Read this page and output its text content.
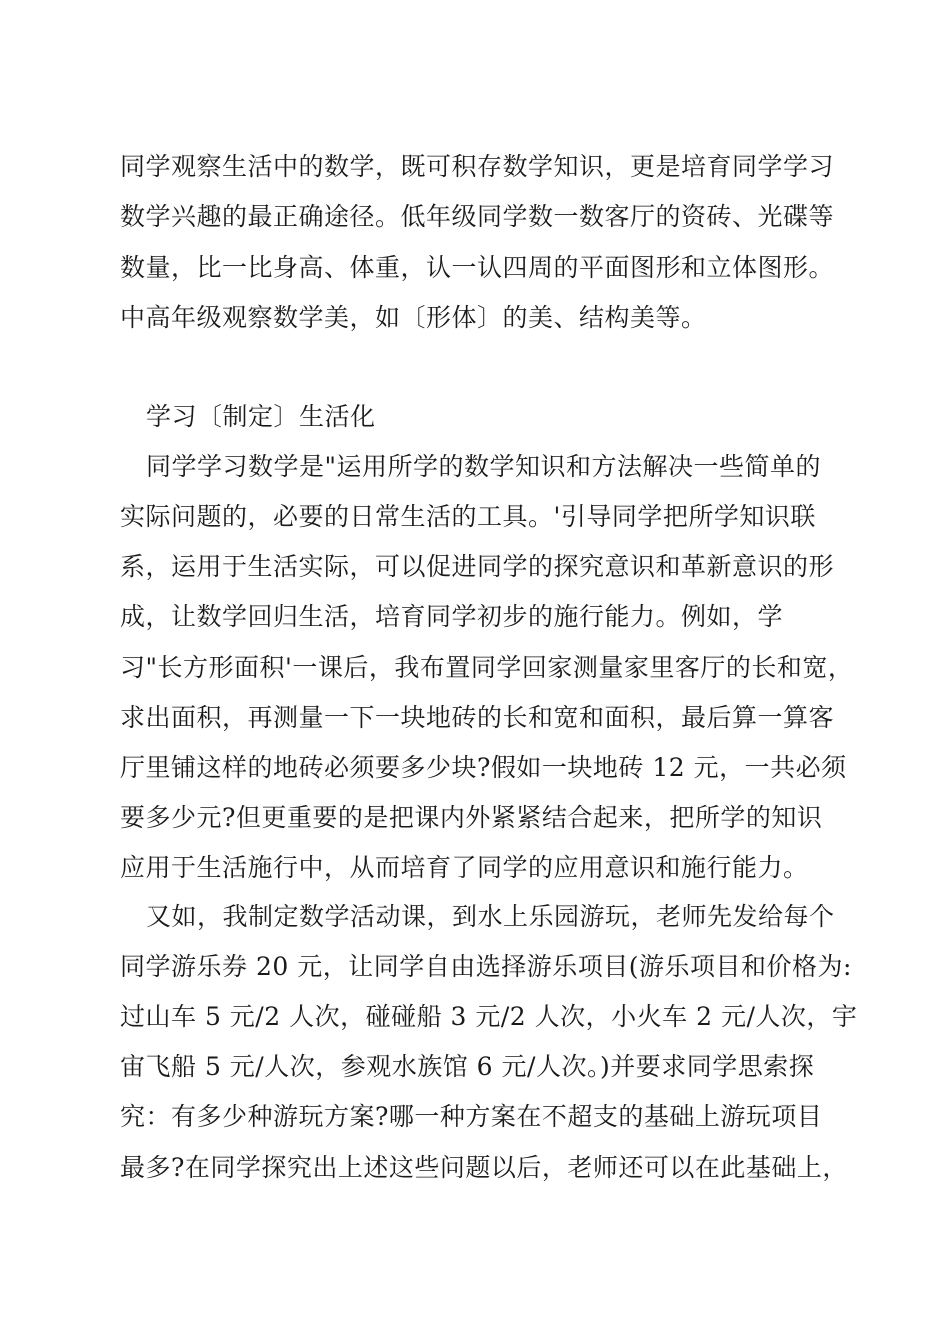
同学观察生活中的数学，既可积存数学知识，更是培育同学学习
数学兴趣的最正确途径。低年级同学数一数客厅的资砖、光碟等
数量，比一比身高、体重，认一认四周的平面图形和立体图形。
中高年级观察数学美，如〔形体〕的美、结构美等。
学习〔制定〕生活化
同学学习数学是"运用所学的数学知识和方法解决一些简单的
实际问题的，必要的日常生活的工具。'引导同学把所学知识联
系，运用于生活实际，可以促进同学的探究意识和革新意识的形
成，让数学回归生活，培育同学初步的施行能力。例如，学
习"长方形面积'一课后，我布置同学回家测量家里客厅的长和宽，
求出面积，再测量一下一块地砖的长和宽和面积，最后算一算客
厅里铺这样的地砖必须要多少块?假如一块地砖 12 元，一共必须
要多少元?但更重要的是把课内外紧紧结合起来，把所学的知识
应用于生活施行中，从而培育了同学的应用意识和施行能力。
又如，我制定数学活动课，到水上乐园游玩，老师先发给每个
同学游乐券 20 元，让同学自由选择游乐项目(游乐项目和价格为:
过山车 5 元/2 人次，碰碰船 3 元/2 人次，小火车 2 元/人次，宇
宙飞船 5 元/人次，参观水族馆 6 元/人次。)并要求同学思索探
究：有多少种游玩方案?哪一种方案在不超支的基础上游玩项目
最多?在同学探究出上述这些问题以后，老师还可以在此基础上，
